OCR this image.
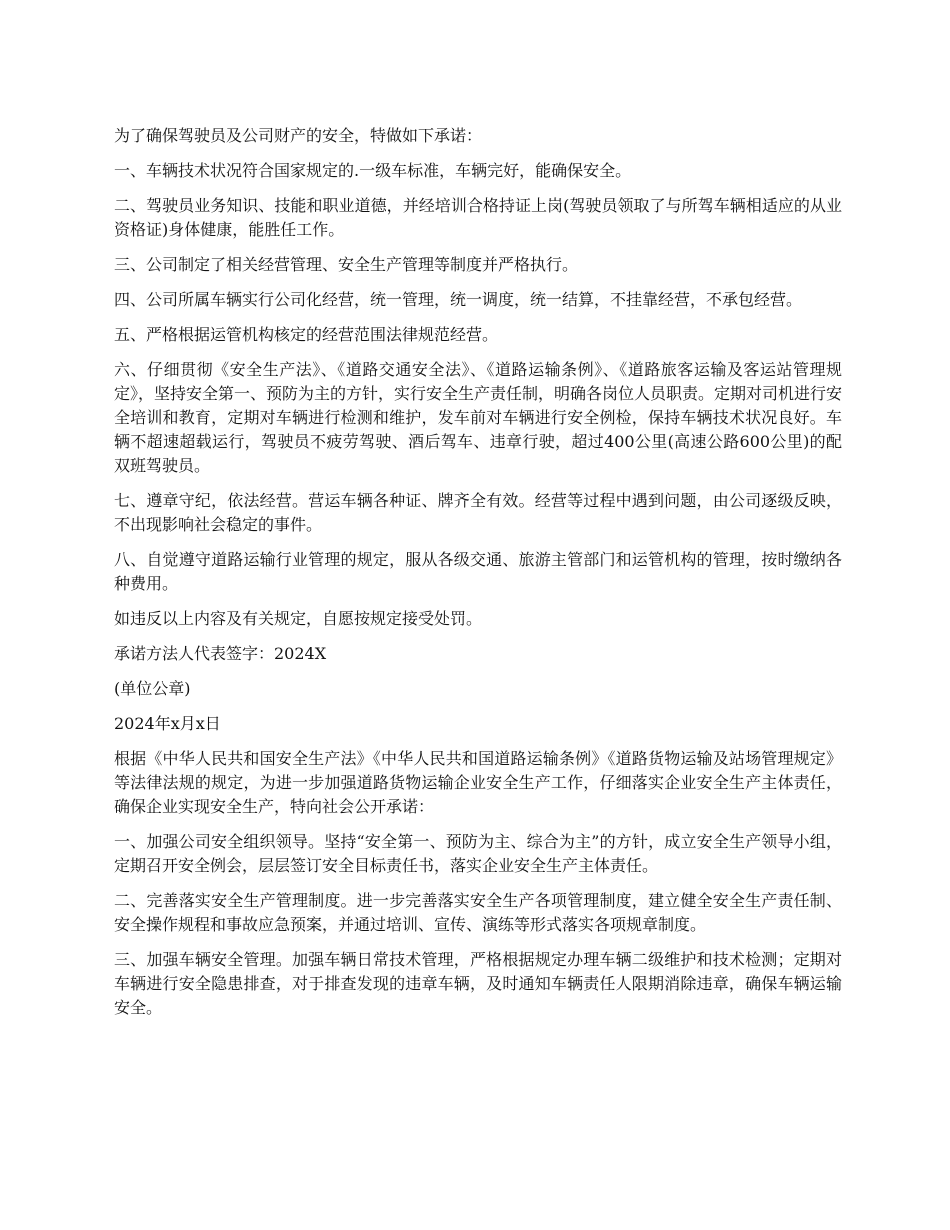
为了确保驾驶员及公司财产的安全，特做如下承诺：

一、车辆技术状况符合国家规定的.一级车标准，车辆完好，能确保安全。

二、驾驶员业务知识、技能和职业道德，并经培训合格持证上岗(驾驶员领取了与所驾车辆相适应的从业资格证)身体健康，能胜任工作。

三、公司制定了相关经营管理、安全生产管理等制度并严格执行。

四、公司所属车辆实行公司化经营，统一管理，统一调度，统一结算，不挂靠经营，不承包经营。

五、严格根据运管机构核定的经营范围法律规范经营。

六、仔细贯彻《安全生产法》、《道路交通安全法》、《道路运输条例》、《道路旅客运输及客运站管理规定》，坚持安全第一、预防为主的方针，实行安全生产责任制，明确各岗位人员职责。定期对司机进行安全培训和教育，定期对车辆进行检测和维护，发车前对车辆进行安全例检，保持车辆技术状况良好。车辆不超速超载运行，驾驶员不疲劳驾驶、酒后驾车、违章行驶，超过400公里(高速公路600公里)的配双班驾驶员。

七、遵章守纪，依法经营。营运车辆各种证、牌齐全有效。经营等过程中遇到问题，由公司逐级反映，不出现影响社会稳定的事件。

八、自觉遵守道路运输行业管理的规定，服从各级交通、旅游主管部门和运管机构的管理，按时缴纳各种费用。

如违反以上内容及有关规定，自愿按规定接受处罚。

承诺方法人代表签字：2024X

(单位公章)

2024年x月x日

根据《中华人民共和国安全生产法》《中华人民共和国道路运输条例》《道路货物运输及站场管理规定》等法律法规的规定，为进一步加强道路货物运输企业安全生产工作，仔细落实企业安全生产主体责任，确保企业实现安全生产，特向社会公开承诺：

一、加强公司安全组织领导。坚持“安全第一、预防为主、综合为主”的方针，成立安全生产领导小组，定期召开安全例会，层层签订安全目标责任书，落实企业安全生产主体责任。

二、完善落实安全生产管理制度。进一步完善落实安全生产各项管理制度，建立健全安全生产责任制、安全操作规程和事故应急预案，并通过培训、宣传、演练等形式落实各项规章制度。

三、加强车辆安全管理。加强车辆日常技术管理，严格根据规定办理车辆二级维护和技术检测；定期对车辆进行安全隐患排查，对于排查发现的违章车辆，及时通知车辆责任人限期消除违章，确保车辆运输安全。
